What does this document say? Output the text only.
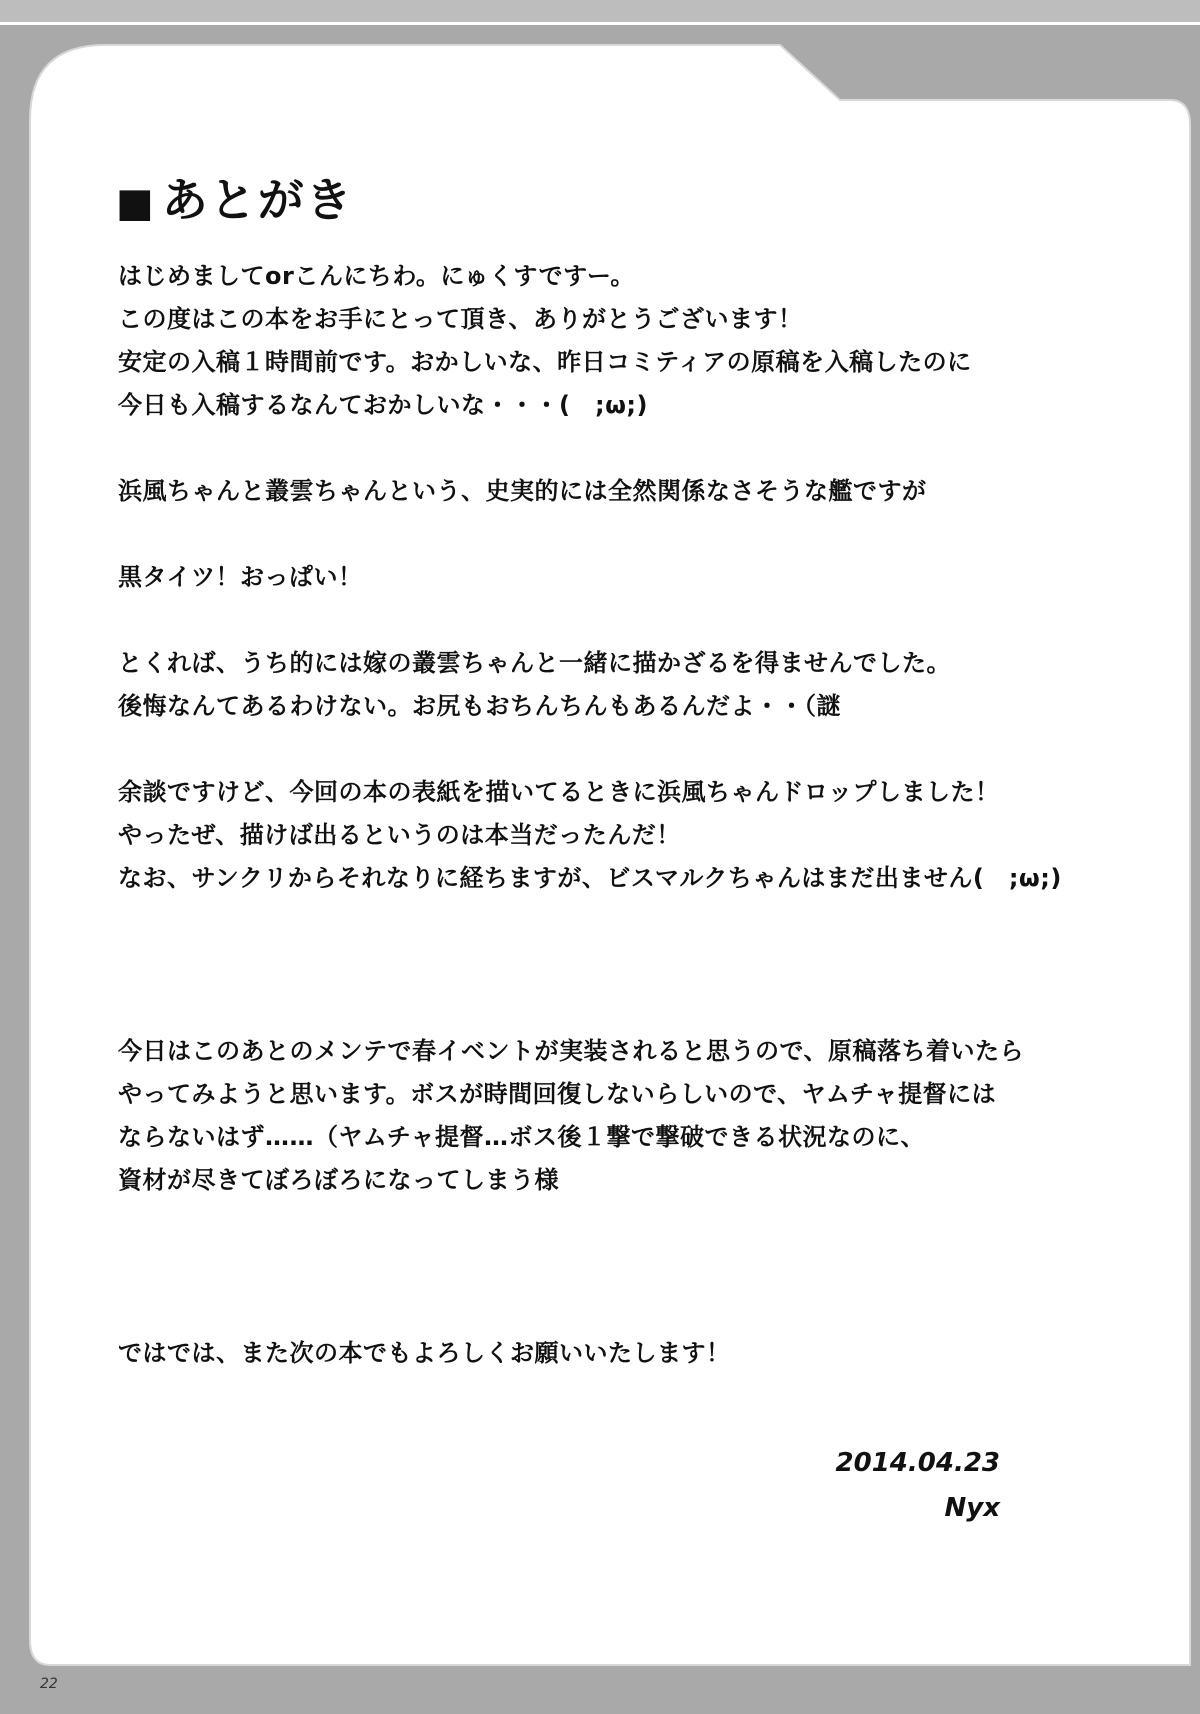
■ あとがき
はじめましてorこんにちわ。にゅくすですー。
この度はこの本をお手にとって頂き、ありがとうございます！
安定の入稿１時間前です。おかしいな、昨日コミティアの原稿を入稿したのに
今日も入稿するなんておかしいな・・・(　;ω;)
浜風ちゃんと叢雲ちゃんという、史実的には全然関係なさそうな艦ですが
黒タイツ！おっぱい！
とくれば、うち的には嫁の叢雲ちゃんと一緒に描かざるを得ませんでした。
後悔なんてあるわけない。お尻もおちんちんもあるんだよ・・（謎
余談ですけど、今回の本の表紙を描いてるときに浜風ちゃんドロップしました！
やったぜ、描けば出るというのは本当だったんだ！
なお、サンクリからそれなりに経ちますが、ビスマルクちゃんはまだ出ません(　;ω;)
今日はこのあとのメンテで春イベントが実装されると思うので、原稿落ち着いたら
やってみようと思います。ボスが時間回復しないらしいので、ヤムチャ提督には
ならないはず……（ヤムチャ提督…ボス後１撃で撃破できる状況なのに、
資材が尽きてぼろぼろになってしまう様
ではでは、また次の本でもよろしくお願いいたします！
2014.04.23
Nyx
22
